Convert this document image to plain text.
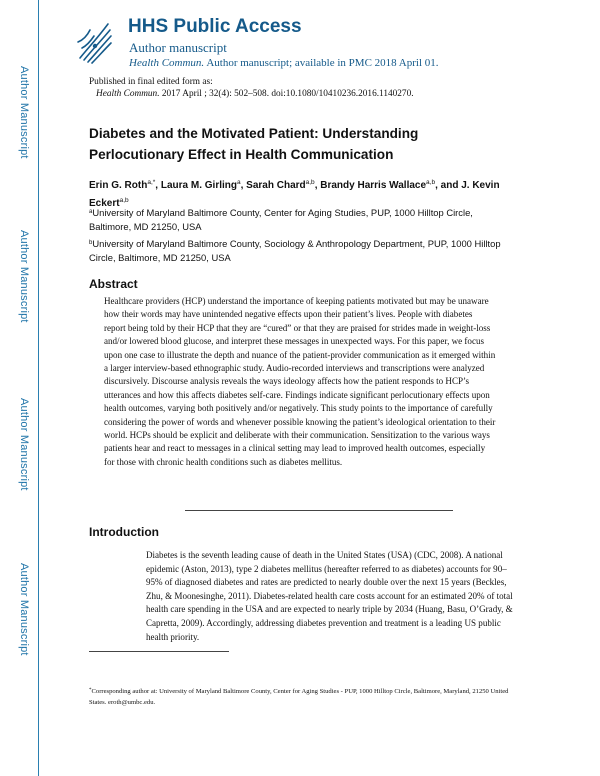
Author Manuscript
Author Manuscript
Author Manuscript
Author Manuscript
HHS Public Access
Author manuscript
Health Commun. Author manuscript; available in PMC 2018 April 01.
Published in final edited form as:
Health Commun. 2017 April ; 32(4): 502–508. doi:10.1080/10410236.2016.1140270.
Diabetes and the Motivated Patient: Understanding Perlocutionary Effect in Health Communication
Erin G. Roth$^{a,*}$, Laura M. Girling$^a$, Sarah Chard$^{a,b}$, Brandy Harris Wallace$^{a,b}$, and J. Kevin Eckert$^{a,b}$
$^a$University of Maryland Baltimore County, Center for Aging Studies, PUP, 1000 Hilltop Circle, Baltimore, MD 21250, USA
$^b$University of Maryland Baltimore County, Sociology & Anthropology Department, PUP, 1000 Hilltop Circle, Baltimore, MD 21250, USA
Abstract

Healthcare providers (HCP) understand the importance of keeping patients motivated but may be unaware how their words may have unintended negative effects upon their patient’s lives. People with diabetes report being told by their HCP that they are “cured” or that they are praised for strides made in weight-loss and/or lowered blood glucose, and interpret these messages in unexpected ways. For this paper, we focus upon one case to illustrate the depth and nuance of the patient-provider communication as it emerged within a larger interview-based ethnographic study. Audio-recorded interviews and transcriptions were analyzed discursively. Discourse analysis reveals the ways ideology affects how the patient responds to HCP’s utterances and how this affects diabetes self-care. Findings indicate significant perlocutionary effects upon health outcomes, varying both positively and/or negatively. This study points to the importance of carefully considering the power of words and whenever possible knowing the patient’s ideological orientation to their world. HCPs should be explicit and deliberate with their communication. Sensitization to the various ways patients hear and react to messages in a clinical setting may lead to improved health outcomes, especially for those with chronic health conditions such as diabetes mellitus.

Introduction

Diabetes is the seventh leading cause of death in the United States (USA) (CDC, 2008). A national epidemic (Aston, 2013), type 2 diabetes mellitus (hereafter referred to as diabetes) accounts for 90–95% of diagnosed diabetes and rates are predicted to nearly double over the next 15 years (Beckles, Zhu, & Moonesinghe, 2011). Diabetes-related health care costs account for an estimated 20% of total health care spending in the USA and are expected to nearly triple by 2034 (Huang, Basu, O’Grady, & Capretta, 2009). Accordingly, addressing diabetes prevention and treatment is a leading US public health priority.

*Corresponding author at: University of Maryland Baltimore County, Center for Aging Studies - PUP, 1000 Hilltop Circle, Baltimore, Maryland, 21250 United States. eroth@umbc.edu.
